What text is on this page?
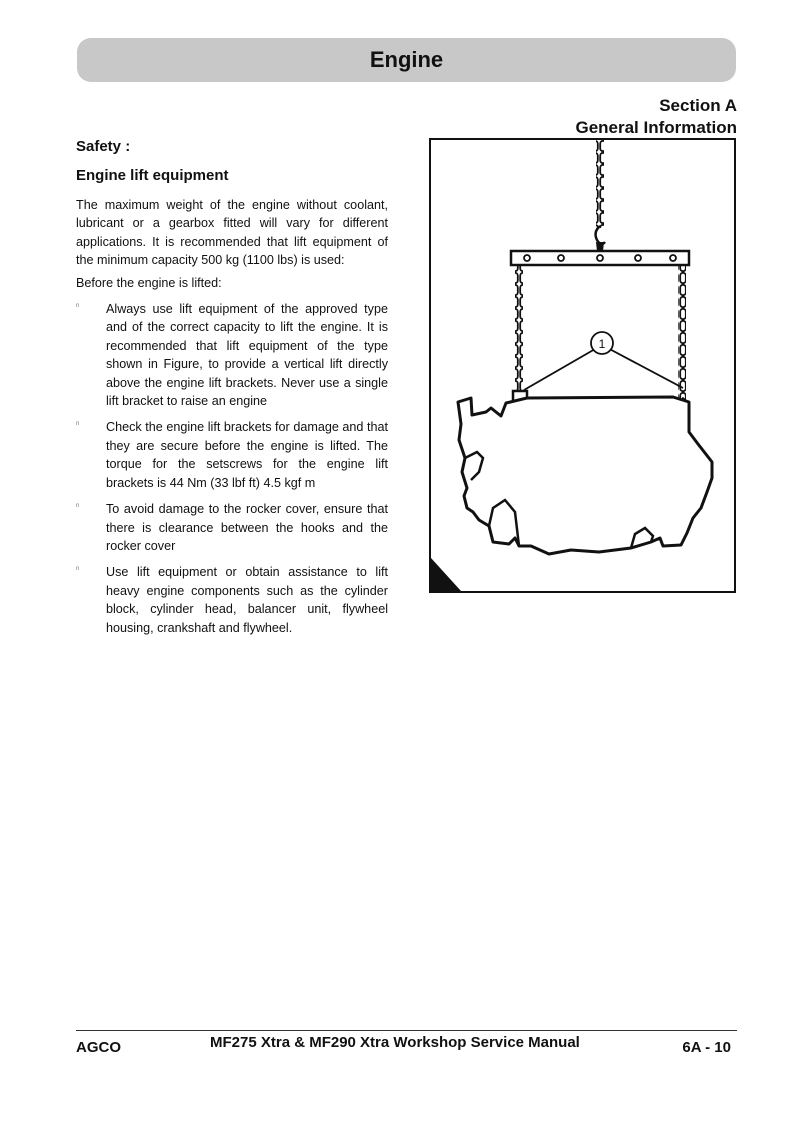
Engine
Section A
General Information
Safety :
Engine lift equipment

The maximum weight of the engine without coolant, lubricant or a gearbox fitted will vary for different applications. It is recommended that lift equipment of the minimum capacity 500 kg (1100 lbs) is used:

Before the engine is lifted:

n Always use lift equipment of the approved type and of the correct capacity to lift the engine. It is recommended that lift equipment of the type shown in Figure, to provide a vertical lift directly above the engine lift brackets. Never use a single lift bracket to raise an engine
n Check the engine lift brackets for damage and that they are secure before the engine is lifted. The torque for the setscrews for the engine lift brackets is 44 Nm (33 lbf ft) 4.5 kgf m
n To avoid damage to the rocker cover, ensure that there is clearance between the hooks and the rocker cover
n Use lift equipment or obtain assistance to lift heavy engine components such as the cylinder block, cylinder head, balancer unit, flywheel housing, crankshaft and flywheel.
1
AGCO	MF275 Xtra & MF290 Xtra Workshop Service Manual	6A - 10
